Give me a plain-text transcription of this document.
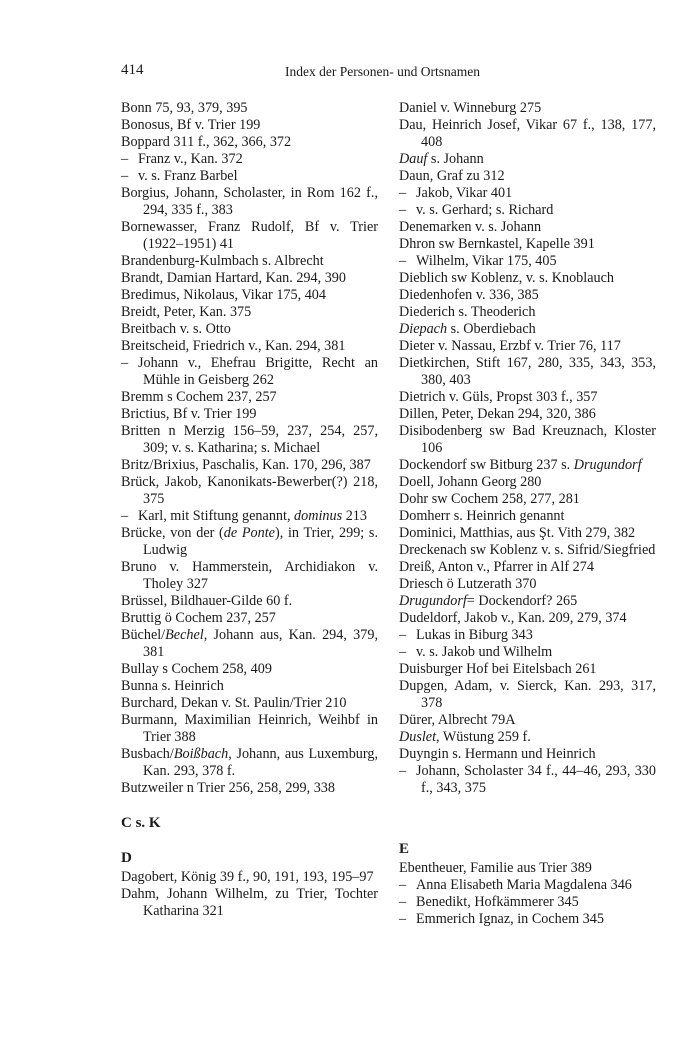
414	Index der Personen- und Ortsnamen
Bonn 75, 93, 379, 395
Bonosus, Bf v. Trier 199
Boppard 311 f., 362, 366, 372
– Franz v., Kan. 372
– v. s. Franz Barbel
Borgius, Johann, Scholaster, in Rom 162 f., 294, 335 f., 383
Bornewasser, Franz Rudolf, Bf v. Trier (1922–1951) 41
Brandenburg-Kulmbach s. Albrecht
Brandt, Damian Hartard, Kan. 294, 390
Bredimus, Nikolaus, Vikar 175, 404
Breidt, Peter, Kan. 375
Breitbach v. s. Otto
Breitscheid, Friedrich v., Kan. 294, 381
– Johann v., Ehefrau Brigitte, Recht an Mühle in Geisberg 262
Bremm s Cochem 237, 257
Brictius, Bf v. Trier 199
Britten n Merzig 156–59, 237, 254, 257, 309; v. s. Katharina; s. Michael
Britz/Brixius, Paschalis, Kan. 170, 296, 387
Brück, Jakob, Kanonikats-Bewerber(?) 218, 375
– Karl, mit Stiftung genannt, dominus 213
Brücke, von der (de Ponte), in Trier, 299; s. Ludwig
Bruno v. Hammerstein, Archidiakon v. Tholey 327
Brüssel, Bildhauer-Gilde 60 f.
Bruttig ö Cochem 237, 257
Büchel/Bechel, Johann aus, Kan. 294, 379, 381
Bullay s Cochem 258, 409
Bunna s. Heinrich
Burchard, Dekan v. St. Paulin/Trier 210
Burmann, Maximilian Heinrich, Weihbf in Trier 388
Busbach/Boißbach, Johann, aus Luxemburg, Kan. 293, 378 f.
Butzweiler n Trier 256, 258, 299, 338
C s. K
D
Dagobert, König 39 f., 90, 191, 193, 195–97
Dahm, Johann Wilhelm, zu Trier, Tochter Katharina 321
Daniel v. Winneburg 275
Dau, Heinrich Josef, Vikar 67 f., 138, 177, 408
Dauf s. Johann
Daun, Graf zu 312
– Jakob, Vikar 401
– v. s. Gerhard; s. Richard
Denemarken v. s. Johann
Dhron sw Bernkastel, Kapelle 391
– Wilhelm, Vikar 175, 405
Dieblich sw Koblenz, v. s. Knoblauch
Diedenhofen v. 336, 385
Diederich s. Theoderich
Diepach s. Oberdiebach
Dieter v. Nassau, Erzbf v. Trier 76, 117
Dietkirchen, Stift 167, 280, 335, 343, 353, 380, 403
Dietrich v. Güls, Propst 303 f., 357
Dillen, Peter, Dekan 294, 320, 386
Disibodenberg sw Bad Kreuznach, Kloster 106
Dockendorf sw Bitburg 237 s. Drugundorf
Doell, Johann Georg 280
Dohr sw Cochem 258, 277, 281
Domherr s. Heinrich genannt
Dominici, Matthias, aus Şt. Vith 279, 382
Dreckenach sw Koblenz v. s. Sifrid/Siegfried
Dreiß, Anton v., Pfarrer in Alf 274
Driesch ö Lutzerath 370
Drugundorf= Dockendorf? 265
Dudeldorf, Jakob v., Kan. 209, 279, 374
– Lukas in Biburg 343
– v. s. Jakob und Wilhelm
Duisburger Hof bei Eitelsbach 261
Dupgen, Adam, v. Sierck, Kan. 293, 317, 378
Dürer, Albrecht 79A
Duslet, Wüstung 259 f.
Duyngin s. Hermann und Heinrich
– Johann, Scholaster 34 f., 44–46, 293, 330 f., 343, 375
E
Ebentheuer, Familie aus Trier 389
– Anna Elisabeth Maria Magdalena 346
– Benedikt, Hofkämmerer 345
– Emmerich Ignaz, in Cochem 345
